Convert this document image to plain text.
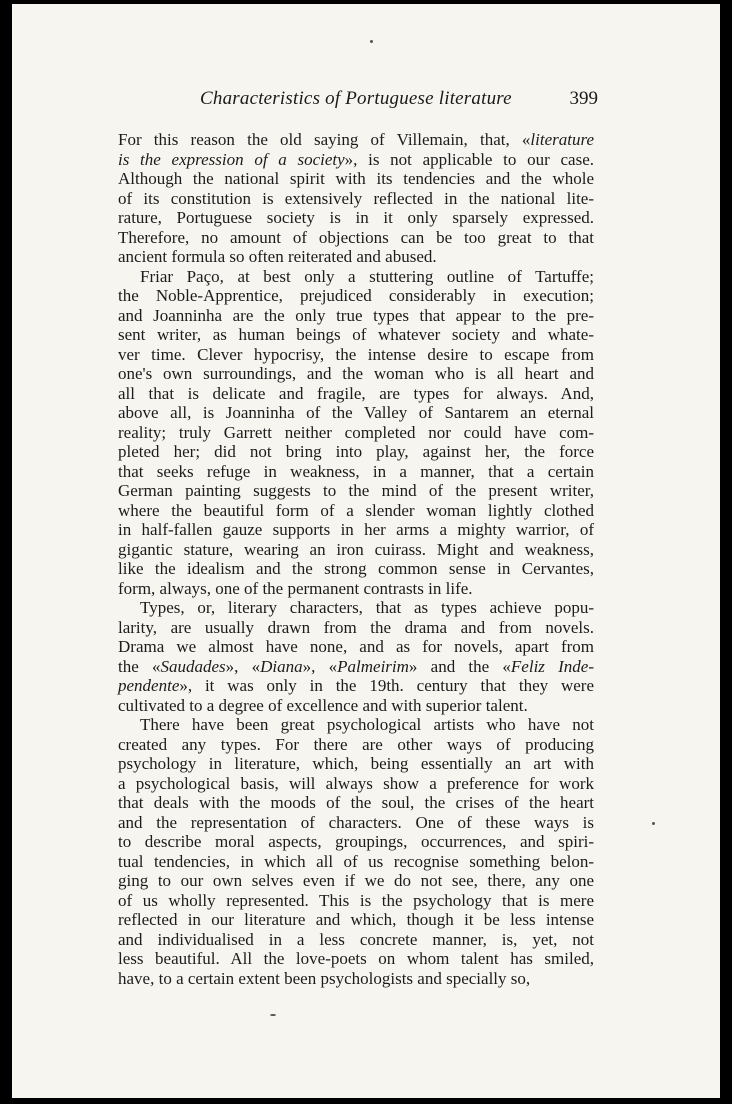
Characteristics of Portuguese literature	399
For this reason the old saying of Villemain, that, «literature
is the expression of a society», is not applicable to our case.
Although the national spirit with its tendencies and the whole
of its constitution is extensively reflected in the national lite-
rature, Portuguese society is in it only sparsely expressed.
Therefore, no amount of objections can be too great to that
ancient formula so often reiterated and abused.
Friar Paço, at best only a stuttering outline of Tartuffe;
the Noble-Apprentice, prejudiced considerably in execution;
and Joanninha are the only true types that appear to the pre-
sent writer, as human beings of whatever society and whate-
ver time. Clever hypocrisy, the intense desire to escape from
one's own surroundings, and the woman who is all heart and
all that is delicate and fragile, are types for always. And,
above all, is Joanninha of the Valley of Santarem an eternal
reality; truly Garrett neither completed nor could have com-
pleted her; did not bring into play, against her, the force
that seeks refuge in weakness, in a manner, that a certain
German painting suggests to the mind of the present writer,
where the beautiful form of a slender woman lightly clothed
in half-fallen gauze supports in her arms a mighty warrior, of
gigantic stature, wearing an iron cuirass. Might and weakness,
like the idealism and the strong common sense in Cervantes,
form, always, one of the permanent contrasts in life.
Types, or, literary characters, that as types achieve popu-
larity, are usually drawn from the drama and from novels.
Drama we almost have none, and as for novels, apart from
the «Saudades», «Diana», «Palmeirim» and the «Feliz Inde-
pendente», it was only in the 19th. century that they were
cultivated to a degree of excellence and with superior talent.
There have been great psychological artists who have not
created any types. For there are other ways of producing
psychology in literature, which, being essentially an art with
a psychological basis, will always show a preference for work
that deals with the moods of the soul, the crises of the heart
and the representation of characters. One of these ways is
to describe moral aspects, groupings, occurrences, and spiri-
tual tendencies, in which all of us recognise something belon-
ging to our own selves even if we do not see, there, any one
of us wholly represented. This is the psychology that is mere
reflected in our literature and which, though it be less intense
and individualised in a less concrete manner, is, yet, not
less beautiful. All the love-poets on whom talent has smiled,
have, to a certain extent been psychologists and specially so,
